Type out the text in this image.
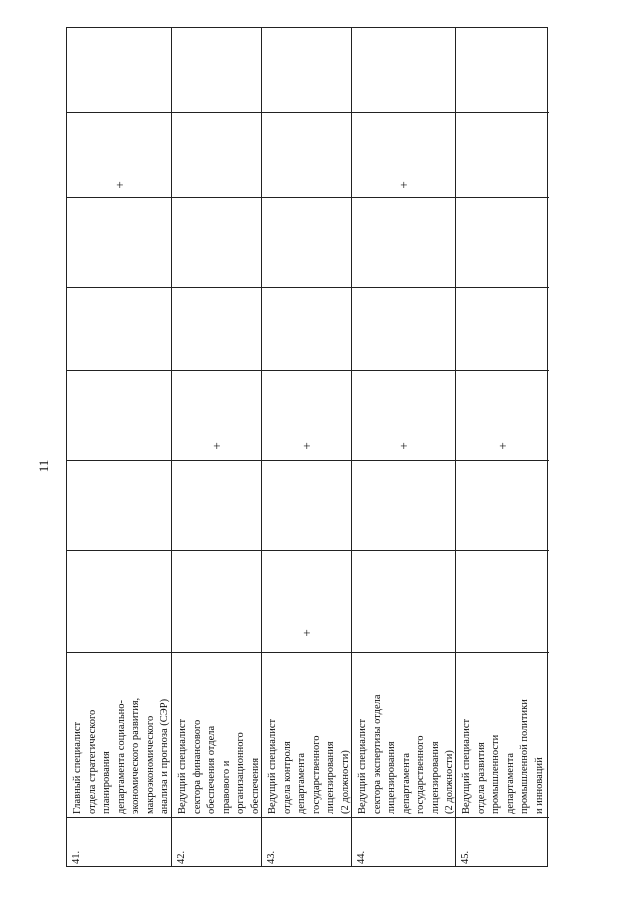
11
+
Главный специалист отдела стратегического планирования департамента социально- экономического развития, макроэкономического анализа и прогноза (СЭР)
41.
+
Ведущий специалист сектора финансового обеспечения отдела правового и организационного обеспечения
42.
+
+
Ведущий специалист отдела контроля департамента государственного лицензирования (2 должности)
43.
+
+
Ведущий специалист сектора экспертизы отдела лицензирования департамента государственного лицензирования (2 должности)
44.
+
Ведущий специалист отдела развития промышленности департамента промышленной политики и инноваций
45.
